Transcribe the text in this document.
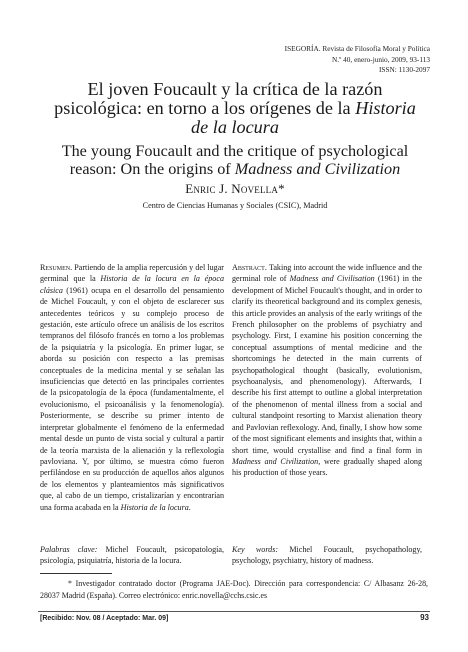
ISEGORÍA. Revista de Filosofía Moral y Política
N.º 40, enero-junio, 2009, 93-113
ISSN: 1130-2097
El joven Foucault y la crítica de la razón
psicológica: en torno a los orígenes de la Historia
de la locura
The young Foucault and the critique of psychological
reason: On the origins of Madness and Civilization
Enric J. Novella*
Centro de Ciencias Humanas y Sociales (CSIC), Madrid
Resumen. Partiendo de la amplia repercusión y del lugar germinal que la Historia de la locura en la época clásica (1961) ocupa en el desarrollo del pensamiento de Michel Foucault, y con el objeto de esclarecer sus antecedentes teóricos y su complejo proceso de gestación, este artículo ofrece un análisis de los escritos tempranos del filósofo francés en torno a los problemas de la psiquiatría y la psicología. En primer lugar, se aborda su posición con respecto a las premisas conceptuales de la medicina mental y se señalan las insuficiencias que detectó en las principales corrientes de la psicopatología de la época (fundamentalmente, el evolucionismo, el psicoanálisis y la fenomenología). Posteriormente, se describe su primer intento de interpretar globalmente el fenómeno de la enfermedad mental desde un punto de vista social y cultural a partir de la teoría marxista de la alienación y la reflexología pavloviana. Y, por último, se muestra cómo fueron perfilándose en su producción de aquellos años algunos de los elementos y planteamientos más significativos que, al cabo de un tiempo, cristalizarían y encontrarían una forma acabada en la Historia de la locura.
Abstract. Taking into account the wide influence and the germinal role of Madness and Civilisation (1961) in the development of Michel Foucault's thought, and in order to clarify its theoretical background and its complex genesis, this article provides an analysis of the early writings of the French philosopher on the problems of psychiatry and psychology. First, I examine his position concerning the conceptual assumptions of mental medicine and the shortcomings he detected in the main currents of psychopathological thought (basically, evolutionism, psychoanalysis, and phenomenology). Afterwards, I describe his first attempt to outline a global interpretation of the phenomenon of mental illness from a social and cultural standpoint resorting to Marxist alienation theory and Pavlovian reflexology. And, finally, I show how some of the most significant elements and insights that, within a short time, would crystallise and find a final form in Madness and Civilization, were gradually shaped along his production of those years.
Palabras clave: Michel Foucault, psicopatología, psicología, psiquiatría, historia de la locura.
Key words: Michel Foucault, psychopathology, psychology, psychiatry, history of madness.
* Investigador contratado doctor (Programa JAE-Doc). Dirección para correspondencia: C/ Albasanz 26-28, 28037 Madrid (España). Correo electrónico: enric.novella@cchs.csic.es
[Recibido: Nov. 08 / Aceptado: Mar. 09]	93
